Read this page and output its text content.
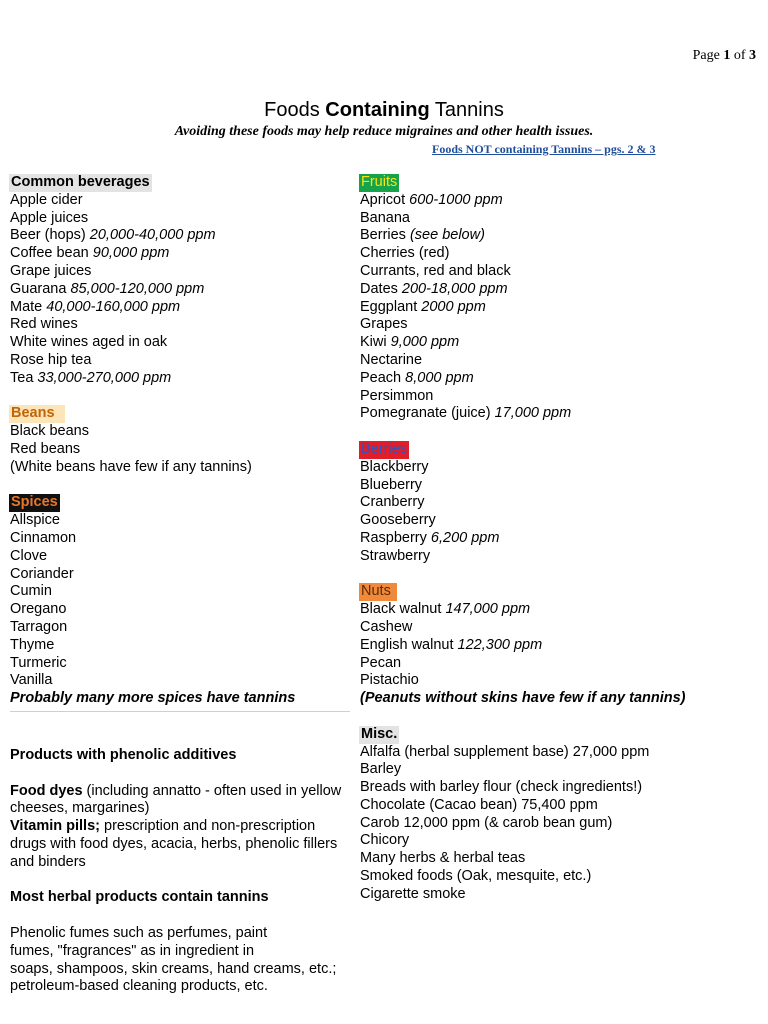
Page 1 of 3
Foods Containing Tannins
Avoiding these foods may help reduce migraines and other health issues.
Foods NOT containing Tannins – pgs. 2 & 3
Common beverages
Apple cider
Apple juices
Beer (hops) 20,000-40,000 ppm
Coffee bean 90,000 ppm
Grape juices
Guarana 85,000-120,000 ppm
Mate 40,000-160,000 ppm
Red wines
White wines aged in oak
Rose hip tea
Tea 33,000-270,000 ppm
Beans
Black beans
Red beans
(White beans have few if any tannins)
Spices
Allspice
Cinnamon
Clove
Coriander
Cumin
Oregano
Tarragon
Thyme
Turmeric
Vanilla
Probably many more spices have tannins
Fruits
Apricot 600-1000 ppm
Banana
Berries (see below)
Cherries (red)
Currants, red and black
Dates 200-18,000 ppm
Eggplant 2000 ppm
Grapes
Kiwi 9,000 ppm
Nectarine
Peach 8,000 ppm
Persimmon
Pomegranate (juice) 17,000 ppm
Berries
Blackberry
Blueberry
Cranberry
Gooseberry
Raspberry 6,200 ppm
Strawberry
Nuts
Black walnut 147,000 ppm
Cashew
English walnut 122,300 ppm
Pecan
Pistachio
(Peanuts without skins have few if any tannins)
Misc.
Alfalfa (herbal supplement base) 27,000 ppm
Barley
Breads with barley flour (check ingredients!)
Chocolate (Cacao bean) 75,400 ppm
Carob 12,000 ppm (& carob bean gum)
Chicory
Many herbs & herbal teas
Smoked foods (Oak, mesquite, etc.)
Cigarette smoke
Products with phenolic additives
Food dyes (including annatto - often used in yellow cheeses, margarines)
Vitamin pills; prescription and non-prescription drugs with food dyes, acacia, herbs, phenolic fillers and binders
Most herbal products contain tannins
Phenolic fumes such as perfumes, paint
fumes, "fragrances" as in ingredient in
soaps, shampoos, skin creams, hand creams, etc.;
petroleum-based cleaning products, etc.
